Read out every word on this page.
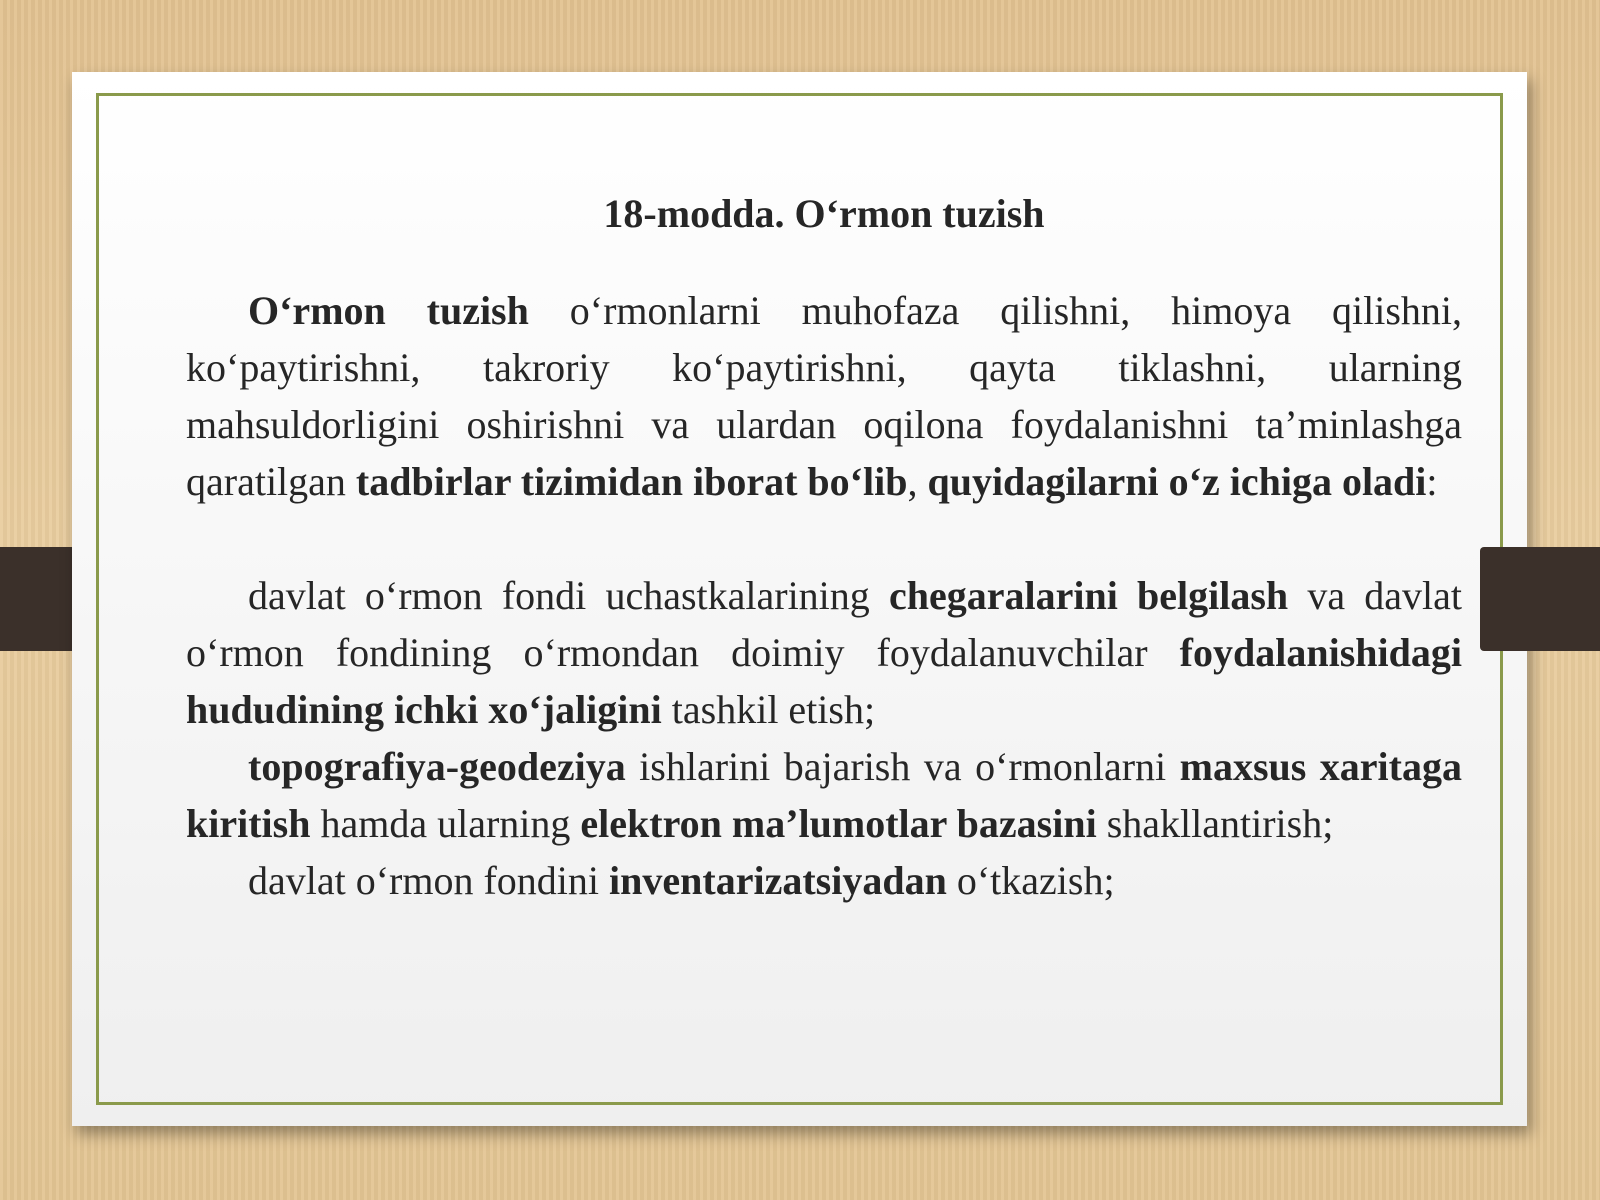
18-modda. O‘rmon tuzish

O‘rmon tuzish o‘rmonlarni muhofaza qilishni, himoya qilishni, ko‘paytirishni, takroriy ko‘paytirishni, qayta tiklashni, ularning mahsuldorligini oshirishni va ulardan oqilona foydalanishni ta’minlashga qaratilgan tadbirlar tizimidan iborat bo‘lib, quyidagilarni o‘z ichiga oladi:

davlat o‘rmon fondi uchastkalarining chegaralarini belgilash va davlat o‘rmon fondining o‘rmondan doimiy foydalanuvchilar foydalanishidagi hududining ichki xo‘jaligini tashkil etish;

topografiya-geodeziya ishlarini bajarish va o‘rmonlarni maxsus xaritaga kiritish hamda ularning elektron ma’lumotlar bazasini shakllantirish;

davlat o‘rmon fondini inventarizatsiyadan o‘tkazish;
